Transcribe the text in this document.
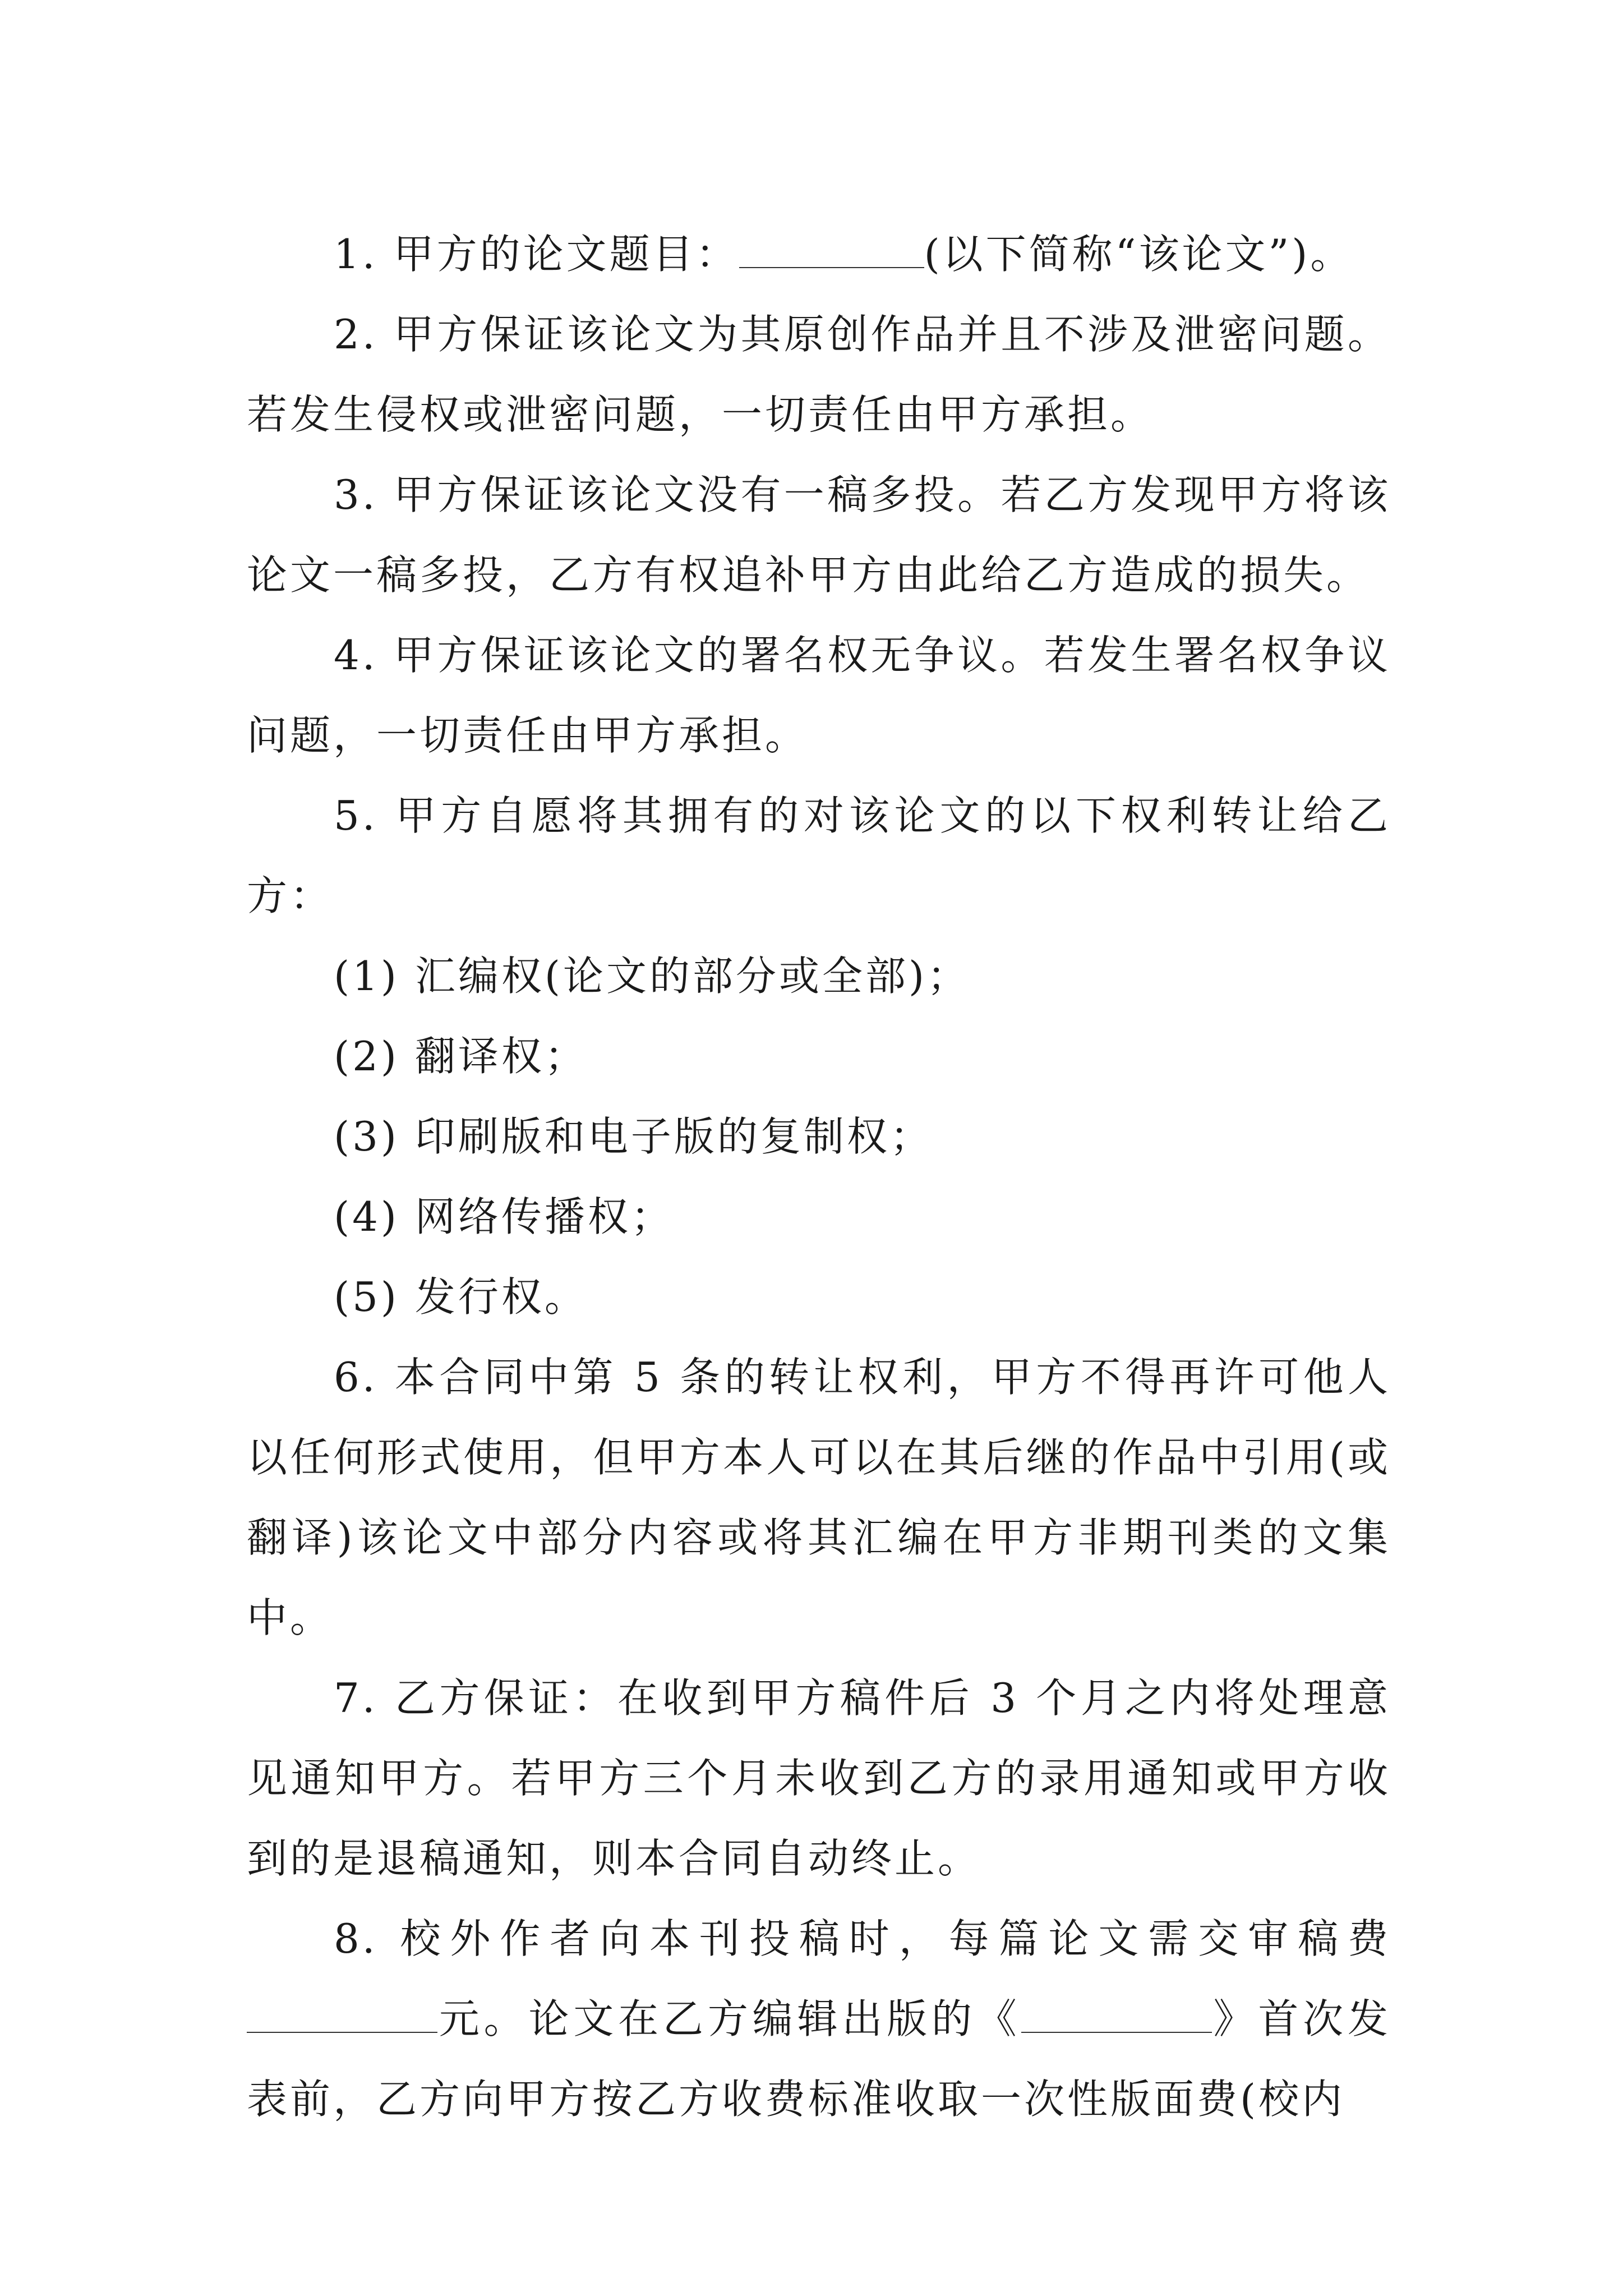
1. 甲方的论文题目：	(以下简称“该论文”)。

2. 甲方保证该论文为其原创作品并且不涉及泄密问题。若发生侵权或泄密问题，一切责任由甲方承担。

3. 甲方保证该论文没有一稿多投。若乙方发现甲方将该论文一稿多投，乙方有权追补甲方由此给乙方造成的损失。

4. 甲方保证该论文的署名权无争议。若发生署名权争议问题，一切责任由甲方承担。

5. 甲方自愿将其拥有的对该论文的以下权利转让给乙方：

(1) 汇编权(论文的部分或全部)；

(2) 翻译权；

(3) 印刷版和电子版的复制权；

(4) 网络传播权；

(5) 发行权。

6. 本合同中第 5 条的转让权利，甲方不得再许可他人以任何形式使用，但甲方本人可以在其后继的作品中引用(或翻译)该论文中部分内容或将其汇编在甲方非期刊类的文集中。

7. 乙方保证：在收到甲方稿件后 3 个月之内将处理意见通知甲方。若甲方三个月未收到乙方的录用通知或甲方收到的是退稿通知，则本合同自动终止。

8. 校外作者向本刊投稿时，每篇论文需交审稿费元。论文在乙方编辑出版的《	》首次发表前，乙方向甲方按乙方收费标准收取一次性版面费(校内
